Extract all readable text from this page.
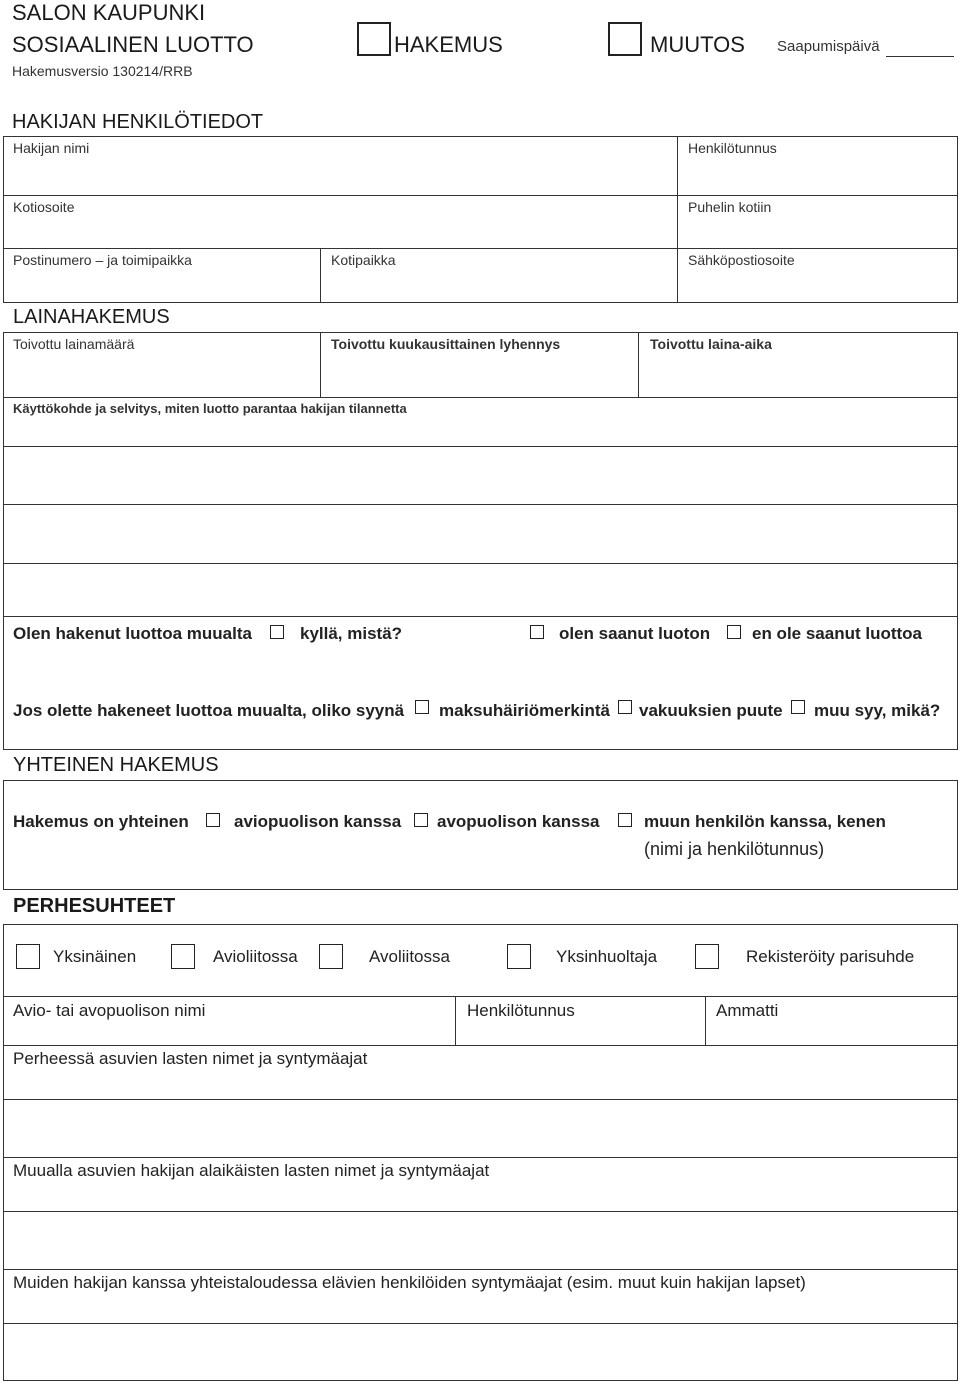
SALON KAUPUNKI
SOSIAALINEN LUOTTO
Hakemusversio 130214/RRB
HAKEMUS	MUUTOS Saapumispäivä
HAKIJAN HENKILÖTIEDOT
Hakijan nimi	Henkilötunnus
Kotiosoite	Puhelin kotiin
Postinumero – ja toimipaikka	Kotipaikka	Sähköpostiosoite
LAINAHAKEMUS
Toivottu lainamäärä	Toivottu kuukausittainen lyhennys	Toivottu laina-aika
Käyttökohde ja selvitys, miten luotto parantaa hakijan tilannetta
Olen hakenut luottoa muualta	kyllä, mistä?	olen saanut luoton en ole saanut luottoa
Jos olette hakeneet luottoa muualta, oliko syynä maksuhäiriömerkintä vakuuksien puute muu syy, mikä?
YHTEINEN HAKEMUS
Hakemus on yhteinen	aviopuolison kanssa avopuolison kanssa	muun henkilön kanssa, kenen
(nimi ja henkilötunnus)
PERHESUHTEET
Yksinäinen	Avioliitossa	Avoliitossa	Yksinhuoltaja	Rekisteröity parisuhde
Avio- tai avopuolison nimi	Henkilötunnus	Ammatti
Perheessä asuvien lasten nimet ja syntymäajat
Muualla asuvien hakijan alaikäisten lasten nimet ja syntymäajat
Muiden hakijan kanssa yhteistaloudessa elävien henkilöiden syntymäajat (esim. muut kuin hakijan lapset)
